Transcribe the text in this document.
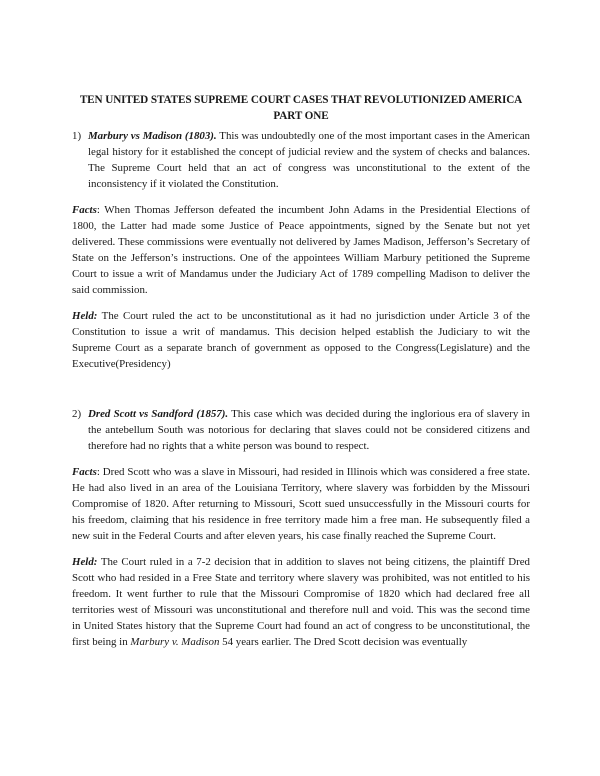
TEN UNITED STATES SUPREME COURT CASES THAT REVOLUTIONIZED AMERICA
PART ONE

1) Marbury vs Madison (1803). This was undoubtedly one of the most important cases in the American legal history for it established the concept of judicial review and the system of checks and balances. The Supreme Court held that an act of congress was unconstitutional to the extent of the inconsistency if it violated the Constitution.

Facts: When Thomas Jefferson defeated the incumbent John Adams in the Presidential Elections of 1800, the Latter had made some Justice of Peace appointments, signed by the Senate but not yet delivered. These commissions were eventually not delivered by James Madison, Jefferson’s Secretary of State on the Jefferson’s instructions. One of the appointees William Marbury petitioned the Supreme Court to issue a writ of Mandamus under the Judiciary Act of 1789 compelling Madison to deliver the said commission.

Held: The Court ruled the act to be unconstitutional as it had no jurisdiction under Article 3 of the Constitution to issue a writ of mandamus. This decision helped establish the Judiciary to wit the Supreme Court as a separate branch of government as opposed to the Congress(Legislature) and the Executive(Presidency)

2) Dred Scott vs Sandford (1857). This case which was decided during the inglorious era of slavery in the antebellum South was notorious for declaring that slaves could not be considered citizens and therefore had no rights that a white person was bound to respect.

Facts: Dred Scott who was a slave in Missouri, had resided in Illinois which was considered a free state. He had also lived in an area of the Louisiana Territory, where slavery was forbidden by the Missouri Compromise of 1820. After returning to Missouri, Scott sued unsuccessfully in the Missouri courts for his freedom, claiming that his residence in free territory made him a free man. He subsequently filed a new suit in the Federal Courts and after eleven years, his case finally reached the Supreme Court.

Held: The Court ruled in a 7-2 decision that in addition to slaves not being citizens, the plaintiff Dred Scott who had resided in a Free State and territory where slavery was prohibited, was not entitled to his freedom. It went further to rule that the Missouri Compromise of 1820 which had declared free all territories west of Missouri was unconstitutional and therefore null and void. This was the second time in United States history that the Supreme Court had found an act of congress to be unconstitutional, the first being in Marbury v. Madison 54 years earlier. The Dred Scott decision was eventually
